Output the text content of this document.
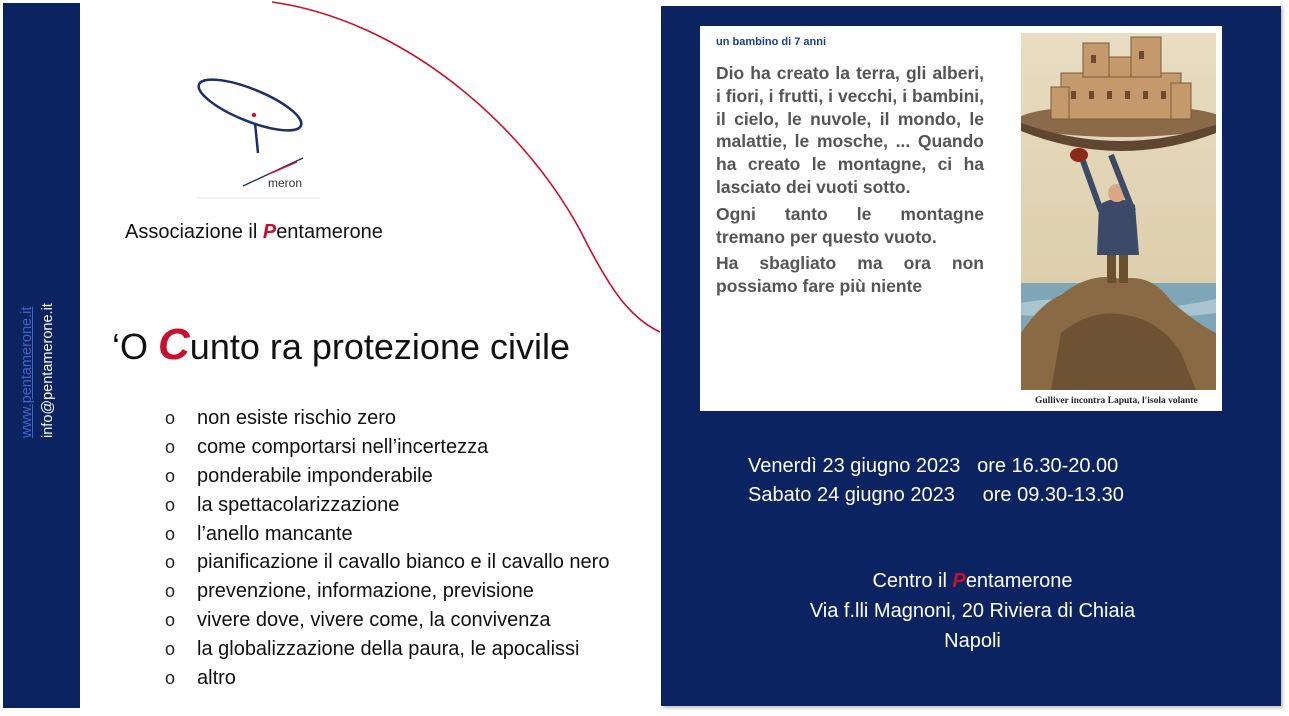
www.pentamerone.it info@pentamerone.it
meron
Associazione il Pentamerone
‘O Cunto ra protezione civile
o non esiste rischio zero
o come comportarsi nell’incertezza
o ponderabile imponderabile
o la spettacolarizzazione
o l’anello mancante
o pianificazione il cavallo bianco e il cavallo nero
o prevenzione, informazione, previsione
o vivere dove, vivere come, la convivenza
o la globalizzazione della paura, le apocalissi
o altro
un bambino di 7 anni

Dio ha creato la terra, gli alberi, i fiori, i frutti, i vecchi, i bambini, il cielo, le nuvole, il mondo, le malattie, le mosche, ... Quando ha creato le montagne, ci ha lasciato dei vuoti sotto.

Ogni tanto le montagne tremano per questo vuoto.

Ha sbagliato ma ora non possiamo fare più niente

Gulliver incontra Laputa, l'isola volante
Venerdì 23 giugno 2023   ore 16.30-20.00
Sabato 24 giugno 2023     ore 09.30-13.30
Centro il Pentamerone
Via f.lli Magnoni, 20 Riviera di Chiaia
Napoli
